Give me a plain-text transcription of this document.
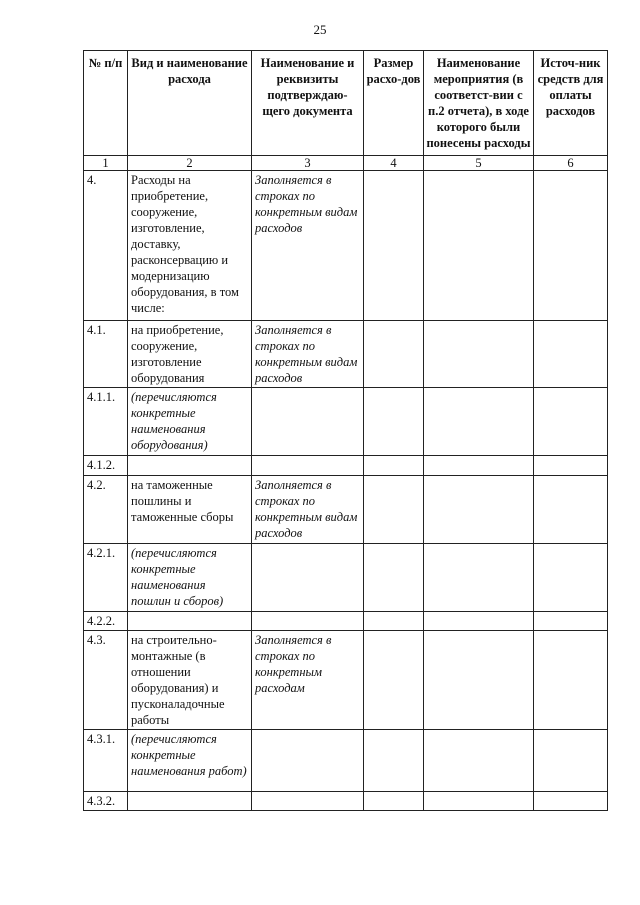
25
№ п/п	Вид и наименование расхода	Наименование и реквизиты подтверждаю-щего документа	Размер расхо-дов	Наименование мероприятия (в соответст-вии с п.2 отчета), в ходе которого были понесены расходы	Источ-ник средств для оплаты расходов
1	2	3	4	5	6
4.	Расходы на приобретение, сооружение, изготовление, доставку, расконсервацию и модернизацию оборудования, в том числе:	Заполняется в строках по конкретным видам расходов			
4.1.	на приобретение, сооружение, изготовление оборудования	Заполняется в строках по конкретным видам расходов			
4.1.1.	(перечисляются конкретные наименования оборудования)				
4.1.2.					
4.2.	на таможенные пошлины и таможенные сборы	Заполняется в строках по конкретным видам расходов			
4.2.1.	(перечисляются конкретные наименования пошлин и сборов)				
4.2.2.					
4.3.	на строительно-монтажные (в отношении оборудования) и пусконаладочные работы	Заполняется в строках по конкретным расходам			
4.3.1.	(перечисляются конкретные наименования работ)				
4.3.2.					
